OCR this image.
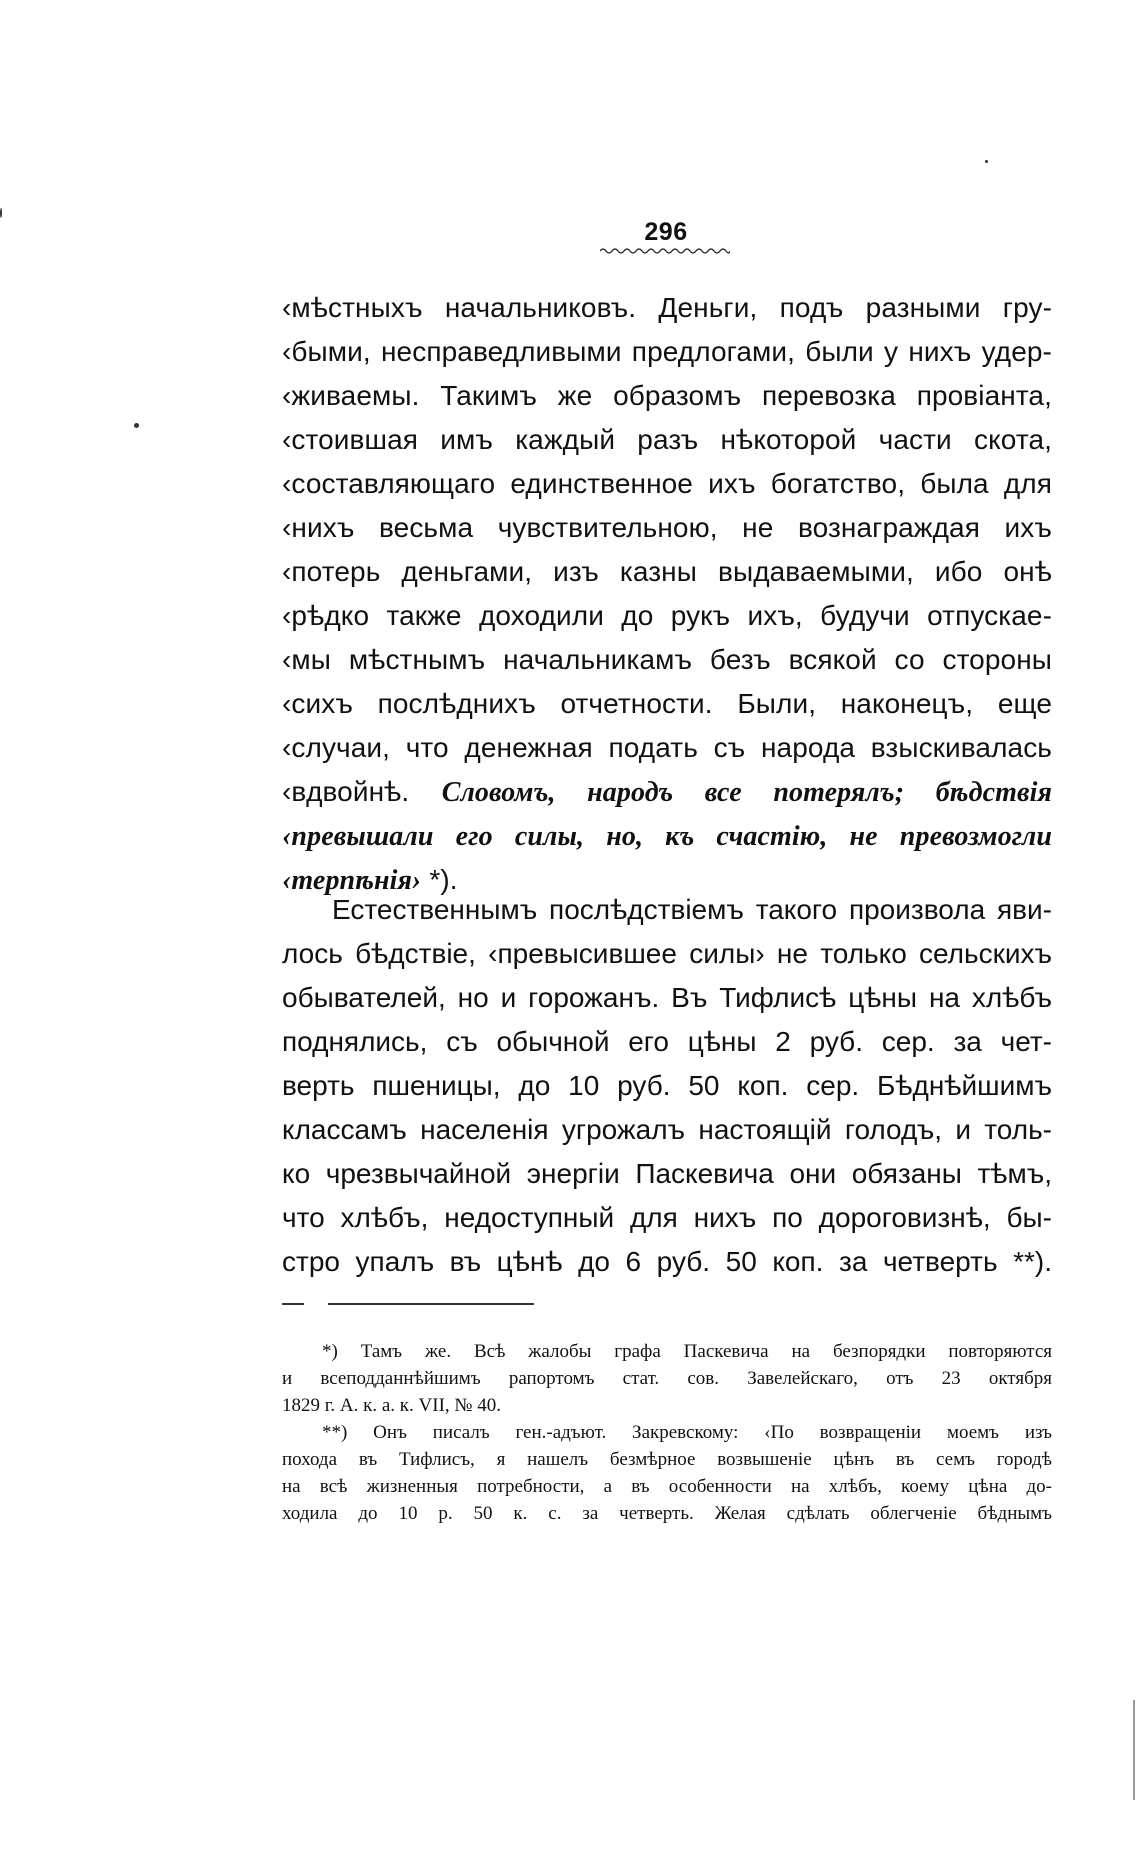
296
‹мѣстныхъ начальниковъ. Деньги, подъ разными гру-
‹быми, несправедливыми предлогами, были у нихъ удер-
‹живаемы. Такимъ же образомъ перевозка провіанта,
‹стоившая имъ каждый разъ нѣкоторой части скота,
‹составляющаго единственное ихъ богатство, была для
‹нихъ весьма чувствительною, не вознаграждая ихъ
‹потерь деньгами, изъ казны выдаваемыми, ибо онѣ
‹рѣдко также доходили до рукъ ихъ, будучи отпускае-
‹мы мѣстнымъ начальникамъ безъ всякой со стороны
‹сихъ послѣднихъ отчетности. Были, наконецъ, еще
‹случаи, что денежная подать съ народа взыскивалась
‹вдвойнѣ. Словомъ, народъ все потерялъ; бѣдствія
‹превышали его силы, но, къ счастію, не превозмогли
‹терпѣнія› *).
Естественнымъ послѣдствіемъ такого произвола яви-
лось бѣдствіе, ‹превысившее силы› не только сельскихъ
обывателей, но и горожанъ. Въ Тифлисѣ цѣны на хлѣбъ
поднялись, съ обычной его цѣны 2 руб. сер. за чет-
верть пшеницы, до 10 руб. 50 коп. сер. Бѣднѣйшимъ
классамъ населенія угрожалъ настоящій голодъ, и толь-
ко чрезвычайной энергіи Паскевича они обязаны тѣмъ,
что хлѣбъ, недоступный для нихъ по дороговизнѣ, бы-
стро упалъ въ цѣнѣ до 6 руб. 50 коп. за четверть **).
*) Тамъ же. Всѣ жалобы графа Паскевича на безпорядки повторяются
и всеподданнѣйшимъ рапортомъ стат. сов. Завелейскаго, отъ 23 октября
1829 г. А. к. а. к. VII, № 40.
**) Онъ писалъ ген.-адъют. Закревскому: ‹По возвращеніи моемъ изъ
похода въ Тифлисъ, я нашелъ безмѣрное возвышеніе цѣнъ въ семъ городѣ
на всѣ жизненныя потребности, а въ особенности на хлѣбъ, коему цѣна до-
ходила до 10 р. 50 к. с. за четверть. Желая сдѣлать облегченіе бѣднымъ
